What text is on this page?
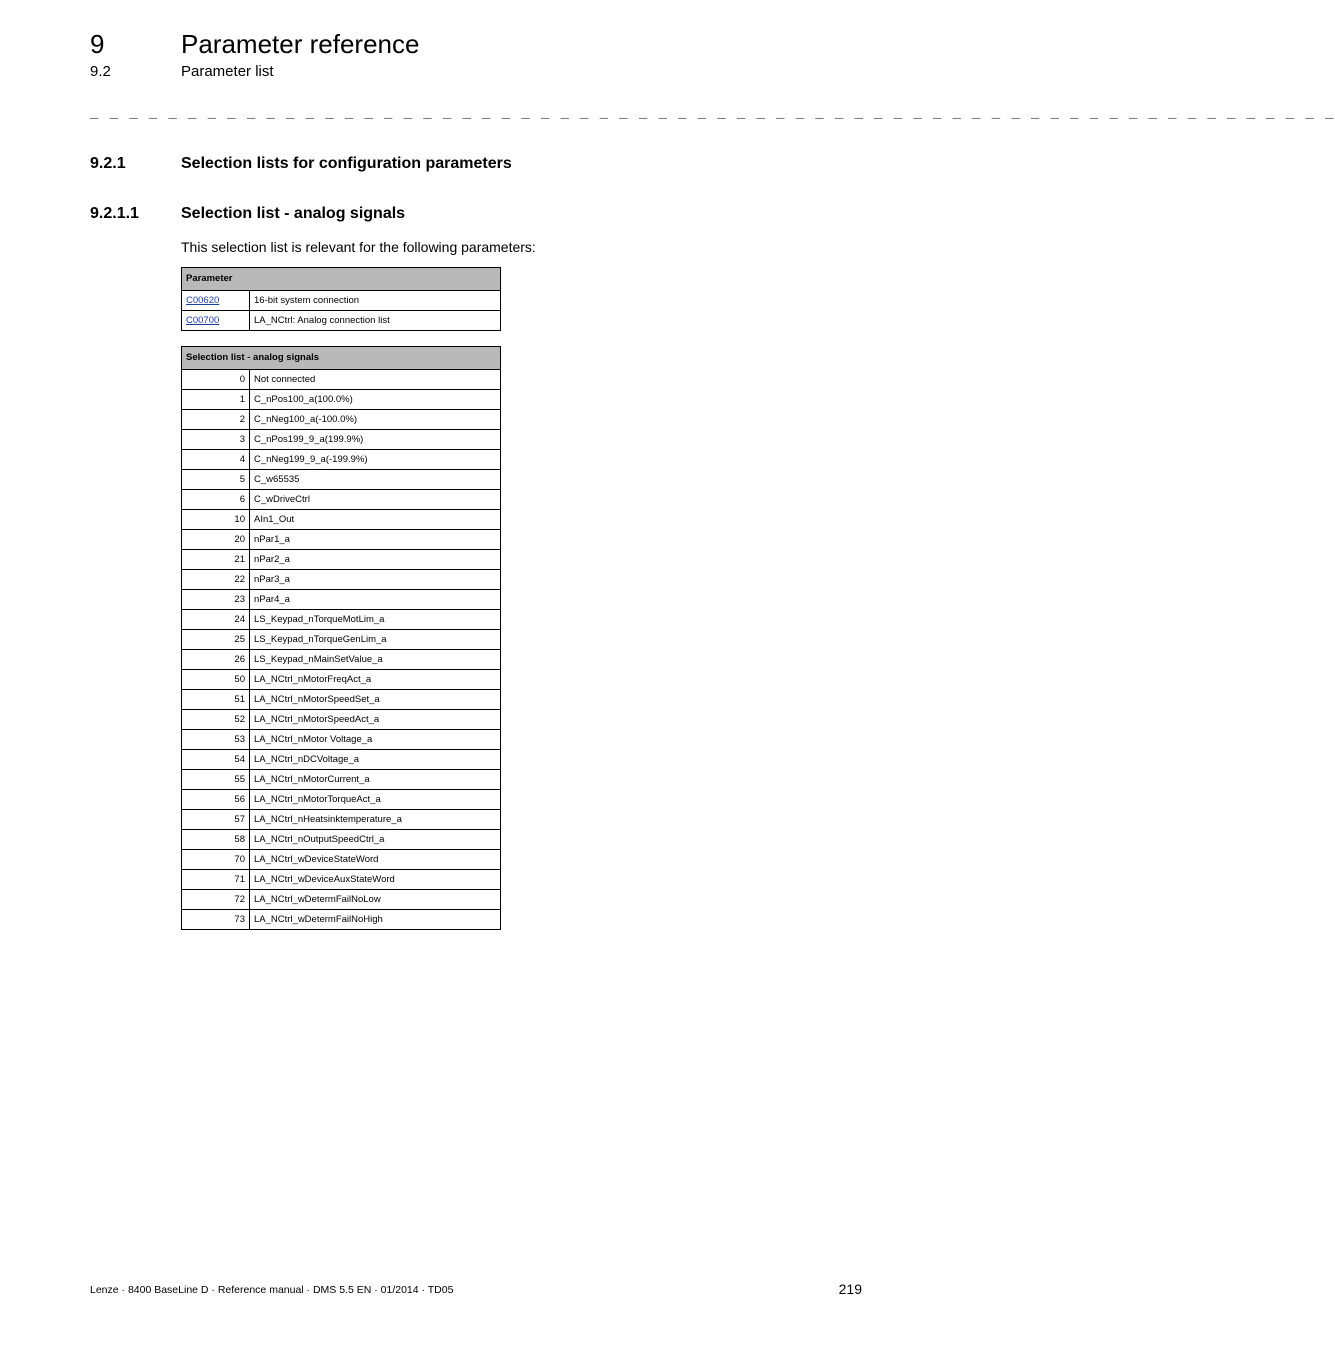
9	Parameter reference
9.2	Parameter list
_ _ _ _ _ _ _ _ _ _ _ _ _ _ _ _ _ _ _ _ _ _ _ _ _ _ _ _ _ _ _ _ _ _ _ _ _ _ _ _ _ _ _ _ _ _ _ _ _ _ _ _ _ _ _ _ _ _ _ _ _ _ _ _
9.2.1	Selection lists for configuration parameters
9.2.1.1	Selection list - analog signals
This selection list is relevant for the following parameters:
Parameter	
C00620	16-bit system connection
C00700	LA_NCtrl: Analog connection list
Selection list - analog signals	
0	Not connected
1	C_nPos100_a(100.0%)
2	C_nNeg100_a(-100.0%)
3	C_nPos199_9_a(199.9%)
4	C_nNeg199_9_a(-199.9%)
5	C_w65535
6	C_wDriveCtrl
10	AIn1_Out
20	nPar1_a
21	nPar2_a
22	nPar3_a
23	nPar4_a
24	LS_Keypad_nTorqueMotLim_a
25	LS_Keypad_nTorqueGenLim_a
26	LS_Keypad_nMainSetValue_a
50	LA_NCtrl_nMotorFreqAct_a
51	LA_NCtrl_nMotorSpeedSet_a
52	LA_NCtrl_nMotorSpeedAct_a
53	LA_NCtrl_nMotor Voltage_a
54	LA_NCtrl_nDCVoltage_a
55	LA_NCtrl_nMotorCurrent_a
56	LA_NCtrl_nMotorTorqueAct_a
57	LA_NCtrl_nHeatsinktemperature_a
58	LA_NCtrl_nOutputSpeedCtrl_a
70	LA_NCtrl_wDeviceStateWord
71	LA_NCtrl_wDeviceAuxStateWord
72	LA_NCtrl_wDetermFailNoLow
73	LA_NCtrl_wDetermFailNoHigh
Lenze · 8400 BaseLine D · Reference manual · DMS 5.5 EN · 01/2014 · TD05	219
